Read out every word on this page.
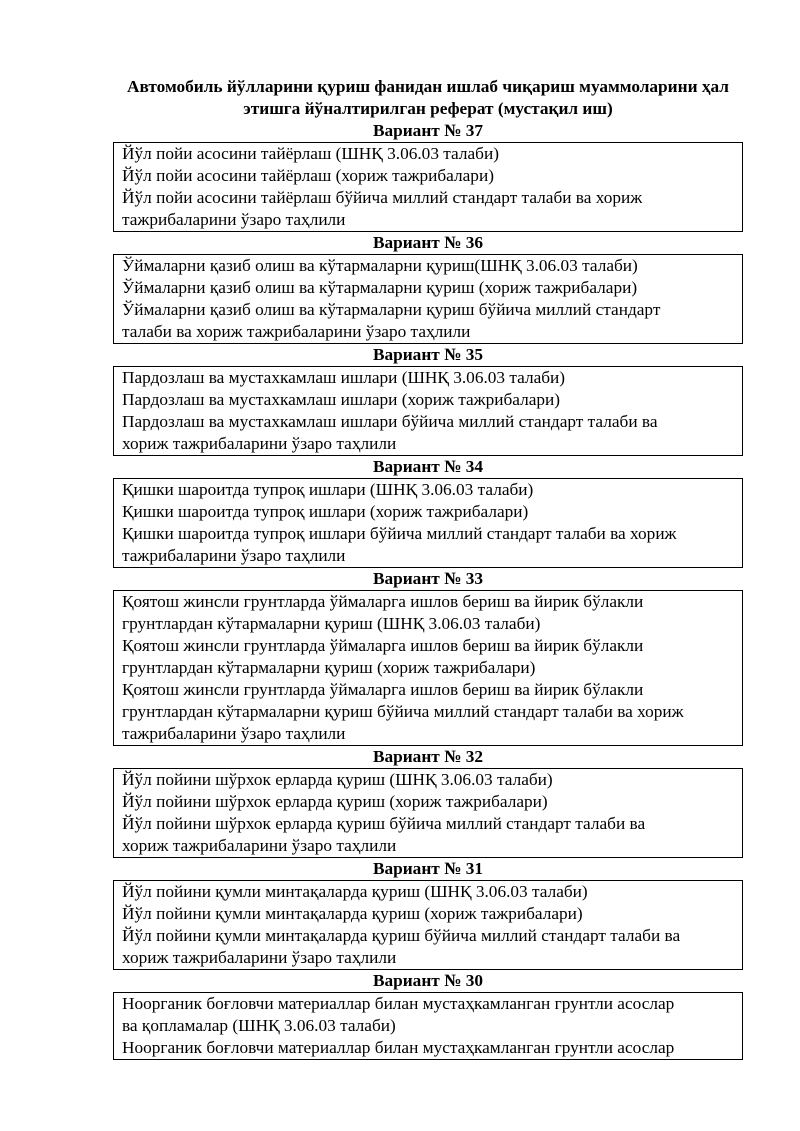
Автомобиль йўлларини қуриш фанидан ишлаб чиқариш муаммоларини ҳал
этишга йўналтирилган реферат (мустақил иш)
Вариант № 37
Йўл пойи асосини тайёрлаш (ШНҚ 3.06.03 талаби)
Йўл пойи асосини тайёрлаш (хориж тажрибалари)
Йўл пойи асосини тайёрлаш бўйича миллий стандарт талаби ва хориж
тажрибаларини ўзаро таҳлили
Вариант № 36
Ўймаларни қазиб олиш ва кўтармаларни қуриш(ШНҚ 3.06.03 талаби)
Ўймаларни қазиб олиш ва кўтармаларни қуриш (хориж тажрибалари)
Ўймаларни қазиб олиш ва кўтармаларни қуриш бўйича миллий стандарт
талаби ва хориж тажрибаларини ўзаро таҳлили
Вариант № 35
Пардозлаш ва мустахкамлаш ишлари (ШНҚ 3.06.03 талаби)
Пардозлаш ва мустахкамлаш ишлари (хориж тажрибалари)
Пардозлаш ва мустахкамлаш ишлари бўйича миллий стандарт талаби ва
хориж тажрибаларини ўзаро таҳлили
Вариант № 34
Қишки шароитда тупроқ ишлари (ШНҚ 3.06.03 талаби)
Қишки шароитда тупроқ ишлари (хориж тажрибалари)
Қишки шароитда тупроқ ишлари бўйича миллий стандарт талаби ва хориж
тажрибаларини ўзаро таҳлили
Вариант № 33
Қоятош жинсли грунтларда ўймаларга ишлов бериш ва йирик бўлакли
грунтлардан кўтармаларни қуриш (ШНҚ 3.06.03 талаби)
Қоятош жинсли грунтларда ўймаларга ишлов бериш ва йирик бўлакли
грунтлардан кўтармаларни қуриш (хориж тажрибалари)
Қоятош жинсли грунтларда ўймаларга ишлов бериш ва йирик бўлакли
грунтлардан кўтармаларни қуриш бўйича миллий стандарт талаби ва хориж
тажрибаларини ўзаро таҳлили
Вариант № 32
Йўл пойини шўрхок ерларда қуриш (ШНҚ 3.06.03 талаби)
Йўл пойини шўрхок ерларда қуриш (хориж тажрибалари)
Йўл пойини шўрхок ерларда қуриш бўйича миллий стандарт талаби ва
хориж тажрибаларини ўзаро таҳлили
Вариант № 31
Йўл пойини қумли минтақаларда қуриш (ШНҚ 3.06.03 талаби)
Йўл пойини қумли минтақаларда қуриш (хориж тажрибалари)
Йўл пойини қумли минтақаларда қуриш бўйича миллий стандарт талаби ва
хориж тажрибаларини ўзаро таҳлили
Вариант № 30
Ноорганик боғловчи материаллар билан мустаҳкамланган грунтли асослар
ва қопламалар (ШНҚ 3.06.03 талаби)
Ноорганик боғловчи материаллар билан мустаҳкамланган грунтли асослар
